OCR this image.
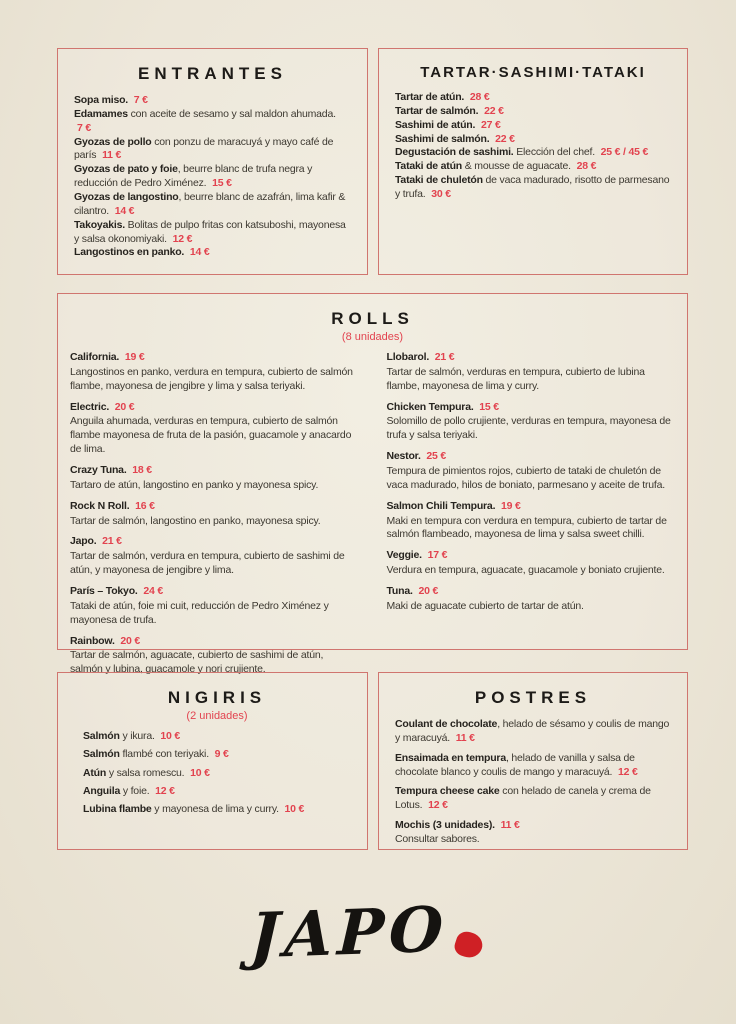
ENTRANTES
Sopa miso. 7 €
Edamames con aceite de sesamo y sal maldon ahumada. 7 €
Gyozas de pollo con ponzu de maracuyá y mayo café de parís 11 €
Gyozas de pato y foie, beurre blanc de trufa negra y reducción de Pedro Ximénez. 15 €
Gyozas de langostino, beurre blanc de azafrán, lima kafir & cilantro. 14 €
Takoyakis. Bolitas de pulpo fritas con katsuboshi, mayonesa y salsa okonomiyaki. 12 €
Langostinos en panko. 14 €
TARTAR·SASHIMI·TATAKI
Tartar de atún. 28 €
Tartar de salmón. 22 €
Sashimi de atún. 27 €
Sashimi de salmón. 22 €
Degustación de sashimi. Elección del chef. 25 € / 45 €
Tataki de atún & mousse de aguacate. 28 €
Tataki de chuletón de vaca madurado, risotto de parmesano y trufa. 30 €
ROLLS
(8 unidades)
California. 19 €
Langostinos en panko, verdura en tempura, cubierto de salmón flambe, mayonesa de jengibre y lima y salsa teriyaki.
Electric. 20 €
Anguila ahumada, verduras en tempura, cubierto de salmón flambe mayonesa de fruta de la pasión, guacamole y anacardo de lima.
Crazy Tuna. 18 €
Tartaro de atún, langostino en panko y mayonesa spicy.
Rock N Roll. 16 €
Tartar de salmón, langostino en panko, mayonesa spicy.
Japo. 21 €
Tartar de salmón, verdura en tempura, cubierto de sashimi de atún, y mayonesa de jengibre y lima.
París – Tokyo. 24 €
Tataki de atún, foie mi cuit, reducción de Pedro Ximénez y mayonesa de trufa.
Rainbow. 20 €
Tartar de salmón, aguacate, cubierto de sashimi de atún, salmón y lubina, guacamole y nori crujiente.
Llobarol. 21 €
Tartar de salmón, verduras en tempura, cubierto de lubina flambe, mayonesa de lima y curry.
Chicken Tempura. 15 €
Solomillo de pollo crujiente, verduras en tempura, mayonesa de trufa y salsa teriyaki.
Nestor. 25 €
Tempura de pimientos rojos, cubierto de tataki de chuletón de vaca madurado, hilos de boniato, parmesano y aceite de trufa.
Salmon Chili Tempura. 19 €
Maki en tempura con verdura en tempura, cubierto de tartar de salmón flambeado, mayonesa de lima y salsa sweet chilli.
Veggie. 17 €
Verdura en tempura, aguacate, guacamole y boniato crujiente.
Tuna. 20 €
Maki de aguacate cubierto de tartar de atún.
NIGIRIS
(2 unidades)
Salmón y ikura. 10 €
Salmón flambé con teriyaki. 9 €
Atún y salsa romescu. 10 €
Anguila y foie. 12 €
Lubina flambe y mayonesa de lima y curry. 10 €
POSTRES
Coulant de chocolate, helado de sésamo y coulis de mango y maracuyá. 11 €
Ensaimada en tempura, helado de vanilla y salsa de chocolate blanco y coulis de mango y maracuyá. 12 €
Tempura cheese cake con helado de canela y crema de Lotus. 12 €
Mochis (3 unidades). 11 €
Consultar sabores.
JAPO
